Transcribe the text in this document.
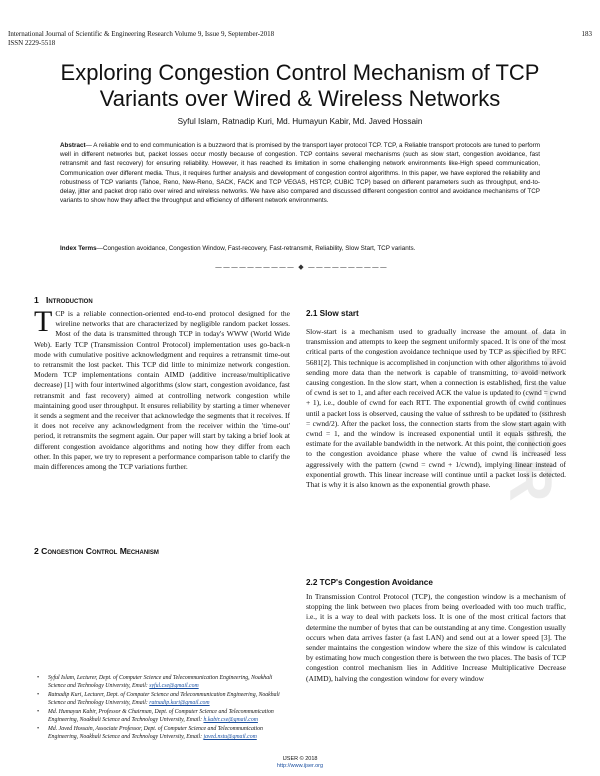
International Journal of Scientific & Engineering Research Volume 9, Issue 9, September-2018
ISSN 2229-5518
183
Exploring Congestion Control Mechanism of TCP
Variants over Wired & Wireless Networks
Syful Islam, Ratnadip Kuri, Md. Humayun Kabir, Md. Javed Hossain
Abstract— A reliable end to end communication is a buzzword that is promised by the transport layer protocol TCP. TCP, a Reliable transport protocols are tuned to perform well in different networks but, packet losses occur mostly because of congestion. TCP contains several mechanisms (such as slow start, congestion avoidance, fast retransmit and fast recovery) for ensuring reliability. However, it has reached its limitation in some challenging network environments like-High speed communication, Communication over different media. Thus, it requires further analysis and development of congestion control algorithms. In this paper, we have explored the reliability and robustness of TCP variants (Tahoe, Reno, New-Reno, SACK, FACK and TCP VEGAS, HSTCP, CUBIC TCP) based on different parameters such as throughput, end-to-delay, jitter and packet drop ratio over wired and wireless networks. We have also compared and discussed different congestion control and avoidance mechanisms of TCP variants to show how they affect the throughput and efficiency of different network environments.
Index Terms—Congestion avoidance, Congestion Window, Fast-recovery, Fast-retransmit, Reliability, Slow Start, TCP variants.
—————————— ◆ ——————————
IJSER
1 Introduction
TCP is a reliable connection-oriented end-to-end protocol designed for the wireline networks that are characterized by negligible random packet losses. Most of the data is transmitted through TCP in today's WWW (World Wide Web). Early TCP (Transmission Control Protocol) implementation uses go-back-n mode with cumulative positive acknowledgment and requires a retransmit time-out to retransmit the lost packet. This TCP did little to minimize network congestion. Modern TCP implementations contain AIMD (additive increase/multiplicative decrease) [1] with four intertwined algorithms (slow start, congestion avoidance, fast retransmit and fast recovery) aimed at controlling network congestion while maintaining good user throughput. It ensures reliability by starting a timer whenever it sends a segment and the receiver that acknowledge the segments that it receives. If it does not receive any acknowledgment from the receiver within the 'time-out' period, it retransmits the segment again. Our paper will start by taking a brief look at different congestion avoidance algorithms and noting how they differ from each other. In this paper, we try to represent a performance comparison table to clarify the main differences among the TCP variations further.
2 Congestion Control Mechanism
• Syful Islam, Lecturer, Dept. of Computer Science and Telecommunication Engineering, Noakhali Science and Technology University, Email: syful.cse@gmail.com
• Ratnadip Kuri, Lecturer, Dept. of Computer Science and Telecommunication Engineering, Noakhali Science and Technology University, Email: ratnadip.kuri@gmail.com
• Md. Humayun Kabir, Professor & Chairman, Dept. of Computer Science and Telecommunication Engineering, Noakhali Science and Technology University, Email: h.kabir.cse@gmail.com
• Md. Javed Hossain, Associate Professor, Dept. of Computer Science and Telecommunication Engineering, Noakhali Science and Technology University, Email: javed.nstu@gmail.com
2.1 Slow start
Slow-start is a mechanism used to gradually increase the amount of data in transmission and attempts to keep the segment uniformly spaced. It is one of the most critical parts of the congestion avoidance technique used by TCP as specified by RFC 5681[2]. This technique is accomplished in conjunction with other algorithms to avoid sending more data than the network is capable of transmitting, to avoid network causing congestion. In the slow start, when a connection is established, first the value of cwnd is set to 1, and after each received ACK the value is updated to (cwnd = cwnd + 1), i.e., double of cwnd for each RTT. The exponential growth of cwnd continues until a packet loss is observed, causing the value of ssthresh to be updated to (ssthresh = cwnd/2). After the packet loss, the connection starts from the slow start again with cwnd = 1, and the window is increased exponential until it equals ssthresh, the estimate for the available bandwidth in the network. At this point, the connection goes to the congestion avoidance phase where the value of cwnd is increased less aggressively with the pattern (cwnd = cwnd + 1/cwnd), implying linear instead of exponential growth. This linear increase will continue until a packet loss is detected. That is why it is also known as the exponential growth phase.
2.2 TCP's Congestion Avoidance
In Transmission Control Protocol (TCP), the congestion window is a mechanism of stopping the link between two places from being overloaded with too much traffic, i.e., it is a way to deal with packets loss. It is one of the most critical factors that determine the number of bytes that can be outstanding at any time. Congestion usually occurs when data arrives faster (a fast LAN) and send out at a lower speed [3]. The sender maintains the congestion window where the size of this window is calculated by estimating how much congestion there is between the two places. The basis of TCP congestion control mechanism lies in Additive Increase Multiplicative Decrease (AIMD), halving the congestion window for every window
IJSER © 2018
http://www.ijser.org
